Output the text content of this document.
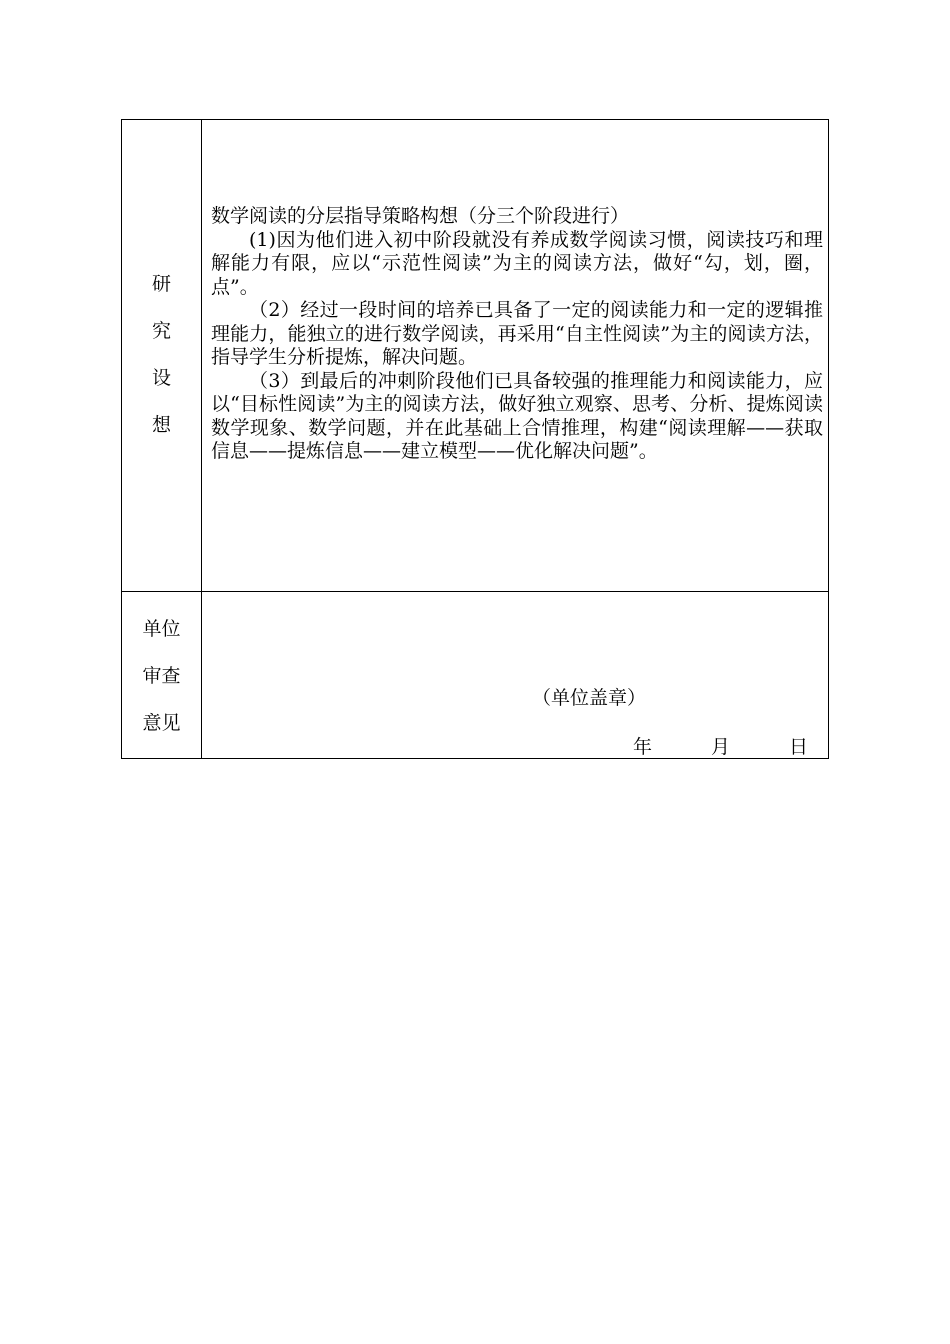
研
究
设
想

数学阅读的分层指导策略构想（分三个阶段进行）

(1)因为他们进入初中阶段就没有养成数学阅读习惯，阅读技巧和理解能力有限，应以“示范性阅读”为主的阅读方法，做好“勾，划，圈，点”。

（2）经过一段时间的培养已具备了一定的阅读能力和一定的逻辑推理能力，能独立的进行数学阅读，再采用“自主性阅读”为主的阅读方法，指导学生分析提炼，解决问题。

（3）到最后的冲刺阶段他们已具备较强的推理能力和阅读能力，应以“目标性阅读”为主的阅读方法，做好独立观察、思考、分析、提炼阅读数学现象、数学问题，并在此基础上合情推理，构建“阅读理解——获取信息——提炼信息——建立模型——优化解决问题”。

单位
审查
意见
（单位盖章）
年	月	日
